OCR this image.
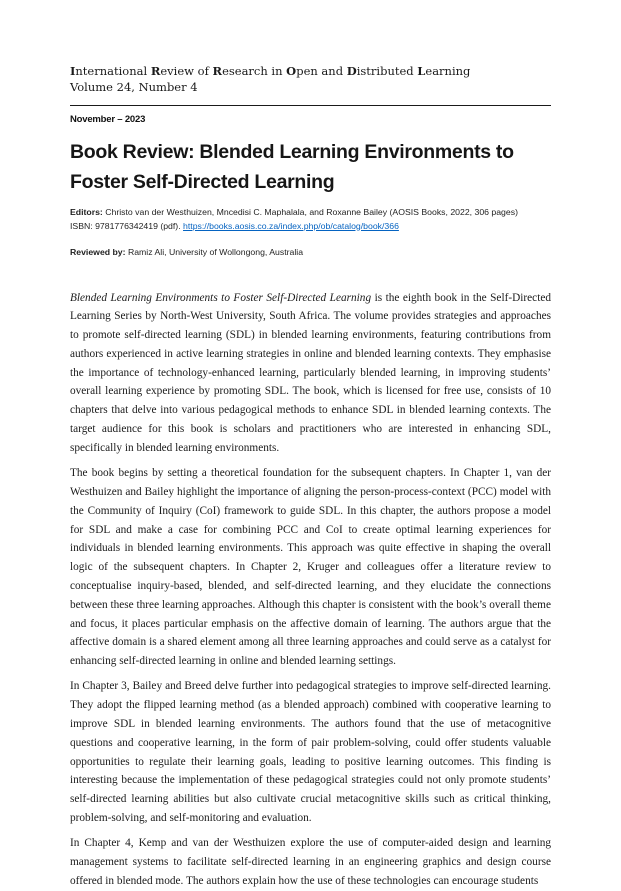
International Review of Research in Open and Distributed Learning
Volume 24, Number 4
November – 2023
Book Review: Blended Learning Environments to Foster Self-Directed Learning
Editors: Christo van der Westhuizen, Mncedisi C. Maphalala, and Roxanne Bailey (AOSIS Books, 2022, 306 pages)
ISBN: 9781776342419 (pdf). https://books.aosis.co.za/index.php/ob/catalog/book/366
Reviewed by: Ramiz Ali, University of Wollongong, Australia

Blended Learning Environments to Foster Self-Directed Learning is the eighth book in the Self-Directed Learning Series by North-West University, South Africa. The volume provides strategies and approaches to promote self-directed learning (SDL) in blended learning environments, featuring contributions from authors experienced in active learning strategies in online and blended learning contexts. They emphasise the importance of technology-enhanced learning, particularly blended learning, in improving students’ overall learning experience by promoting SDL. The book, which is licensed for free use, consists of 10 chapters that delve into various pedagogical methods to enhance SDL in blended learning contexts. The target audience for this book is scholars and practitioners who are interested in enhancing SDL, specifically in blended learning environments.

The book begins by setting a theoretical foundation for the subsequent chapters. In Chapter 1, van der Westhuizen and Bailey highlight the importance of aligning the person-process-context (PCC) model with the Community of Inquiry (CoI) framework to guide SDL. In this chapter, the authors propose a model for SDL and make a case for combining PCC and CoI to create optimal learning experiences for individuals in blended learning environments. This approach was quite effective in shaping the overall logic of the subsequent chapters. In Chapter 2, Kruger and colleagues offer a literature review to conceptualise inquiry-based, blended, and self-directed learning, and they elucidate the connections between these three learning approaches. Although this chapter is consistent with the book’s overall theme and focus, it places particular emphasis on the affective domain of learning. The authors argue that the affective domain is a shared element among all three learning approaches and could serve as a catalyst for enhancing self-directed learning in online and blended learning settings.

In Chapter 3, Bailey and Breed delve further into pedagogical strategies to improve self-directed learning. They adopt the flipped learning method (as a blended approach) combined with cooperative learning to improve SDL in blended learning environments. The authors found that the use of metacognitive questions and cooperative learning, in the form of pair problem-solving, could offer students valuable opportunities to regulate their learning goals, leading to positive learning outcomes. This finding is interesting because the implementation of these pedagogical strategies could not only promote students’ self-directed learning abilities but also cultivate crucial metacognitive skills such as critical thinking, problem-solving, and self-monitoring and evaluation.

In Chapter 4, Kemp and van der Westhuizen explore the use of computer-aided design and learning management systems to facilitate self-directed learning in an engineering graphics and design course offered in blended mode. The authors explain how the use of these technologies can encourage students
